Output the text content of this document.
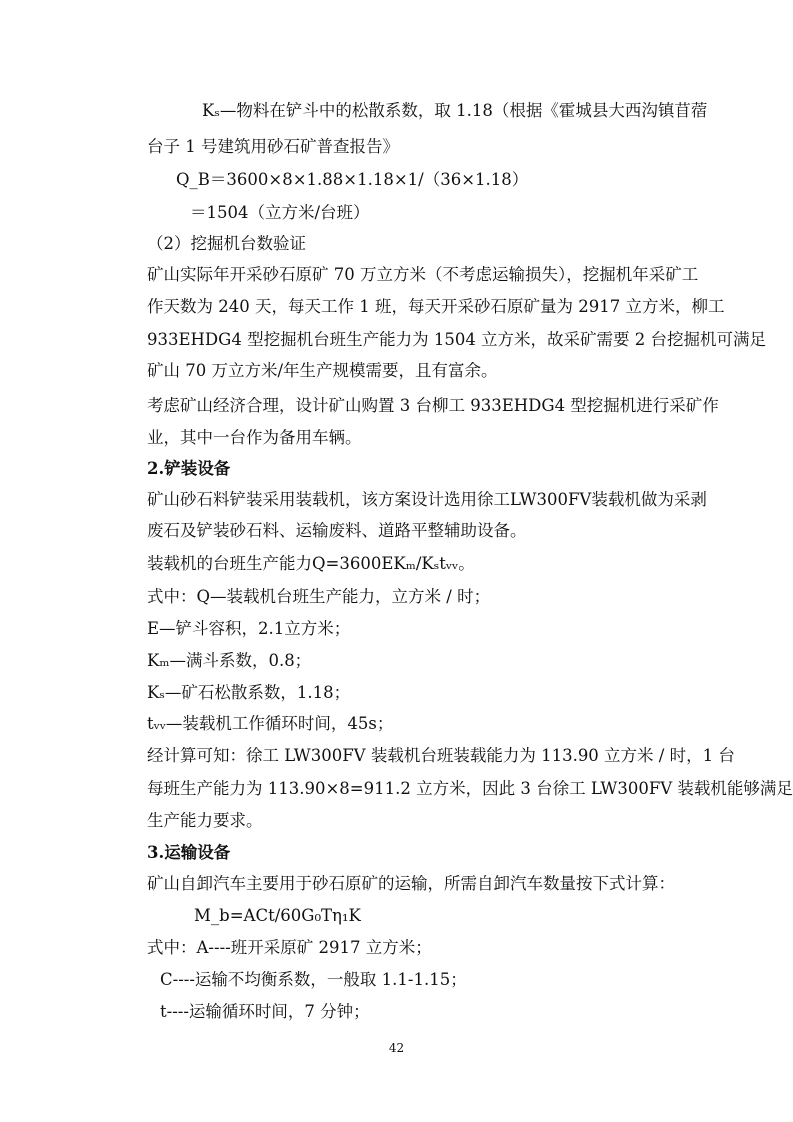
Kₛ—物料在铲斗中的松散系数，取 1.18（根据《霍城县大西沟镇苜蓿
台子 1 号建筑用砂石矿普查报告》
Q_B＝3600×8×1.88×1.18×1/（36×1.18）
＝1504（立方米/台班）
（2）挖掘机台数验证
矿山实际年开采砂石原矿 70 万立方米（不考虑运输损失），挖掘机年采矿工
作天数为 240 天，每天工作 1 班，每天开采砂石原矿量为 2917 立方米，柳工
933EHDG4 型挖掘机台班生产能力为 1504 立方米，故采矿需要 2 台挖掘机可满足
矿山 70 万立方米/年生产规模需要，且有富余。
考虑矿山经济合理，设计矿山购置 3 台柳工 933EHDG4 型挖掘机进行采矿作
业，其中一台作为备用车辆。
2.铲装设备
矿山砂石料铲装采用装载机，该方案设计选用徐工LW300FV装载机做为采剥
废石及铲装砂石料、运输废料、道路平整辅助设备。
装载机的台班生产能力Q=3600EKₘ/Kₛtᵥᵥ。
式中：Q—装载机台班生产能力，立方米 / 时；
E—铲斗容积，2.1立方米；
Kₘ—满斗系数，0.8；
Kₛ—矿石松散系数，1.18；
tᵥᵥ—装载机工作循环时间，45s；
经计算可知：徐工 LW300FV 装载机台班装载能力为 113.90 立方米 / 时，1 台
每班生产能力为 113.90×8=911.2 立方米，因此 3 台徐工 LW300FV 装载机能够满足
生产能力要求。
3.运输设备
矿山自卸汽车主要用于砂石原矿的运输，所需自卸汽车数量按下式计算：
M_b=ACt/60G₀Tη₁K
式中：A----班开采原矿 2917 立方米；
C----运输不均衡系数，一般取 1.1-1.15；
t----运输循环时间，7 分钟；
42
